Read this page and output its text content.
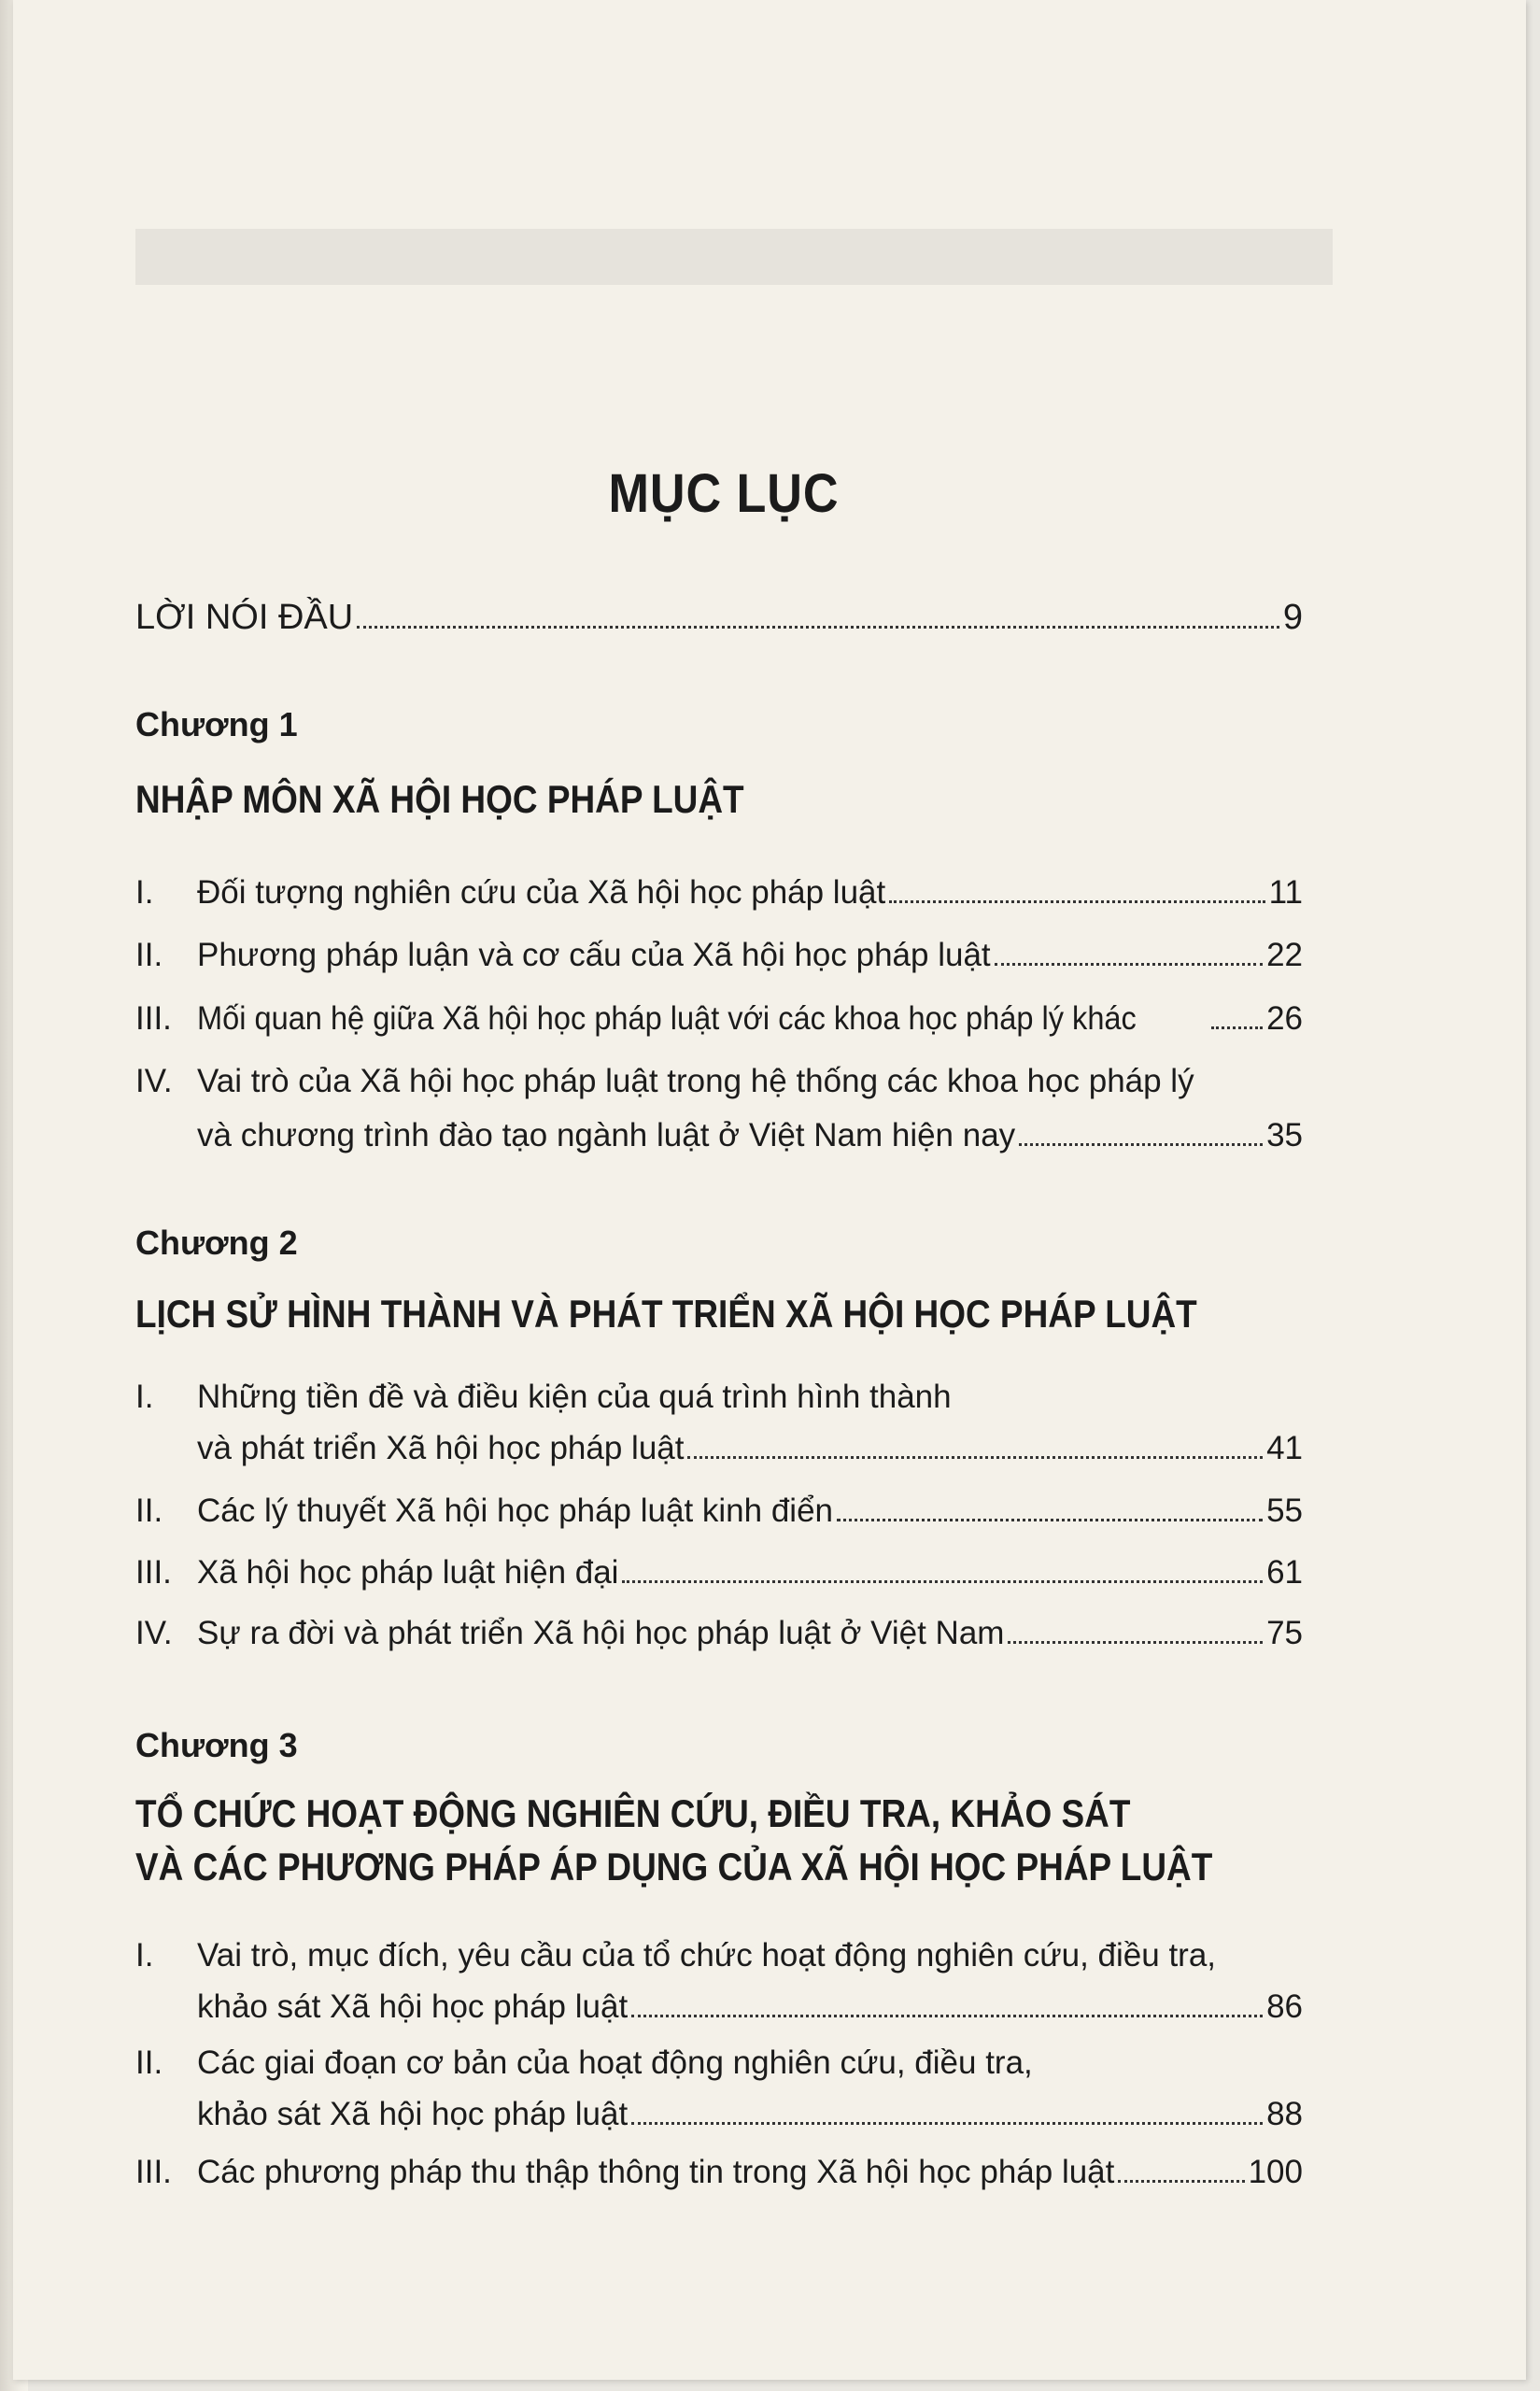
MỤC LỤC
LỜI NÓI ĐẦU	9
Chương 1
NHẬP MÔN XÃ HỘI HỌC PHÁP LUẬT
I.	Đối tượng nghiên cứu của Xã hội học pháp luật	11
II.	Phương pháp luận và cơ cấu của Xã hội học pháp luật	22
III. Mối quan hệ giữa Xã hội học pháp luật với các khoa học pháp lý khác	26
IV. Vai trò của Xã hội học pháp luật trong hệ thống các khoa học pháp lý
và chương trình đào tạo ngành luật ở Việt Nam hiện nay	35
Chương 2
LỊCH SỬ HÌNH THÀNH VÀ PHÁT TRIỂN XÃ HỘI HỌC PHÁP LUẬT
I. Những tiền đề và điều kiện của quá trình hình thành
và phát triển Xã hội học pháp luật	41
II.	Các lý thuyết Xã hội học pháp luật kinh điển	55
III. Xã hội học pháp luật hiện đại	61
IV. Sự ra đời và phát triển Xã hội học pháp luật ở Việt Nam	75
Chương 3
TỔ CHỨC HOẠT ĐỘNG NGHIÊN CỨU, ĐIỀU TRA, KHẢO SÁT
VÀ CÁC PHƯƠNG PHÁP ÁP DỤNG CỦA XÃ HỘI HỌC PHÁP LUẬT
I. Vai trò, mục đích, yêu cầu của tổ chức hoạt động nghiên cứu, điều tra,
khảo sát Xã hội học pháp luật	86
II. Các giai đoạn cơ bản của hoạt động nghiên cứu, điều tra,
khảo sát Xã hội học pháp luật	88
III. Các phương pháp thu thập thông tin trong Xã hội học pháp luật	100
